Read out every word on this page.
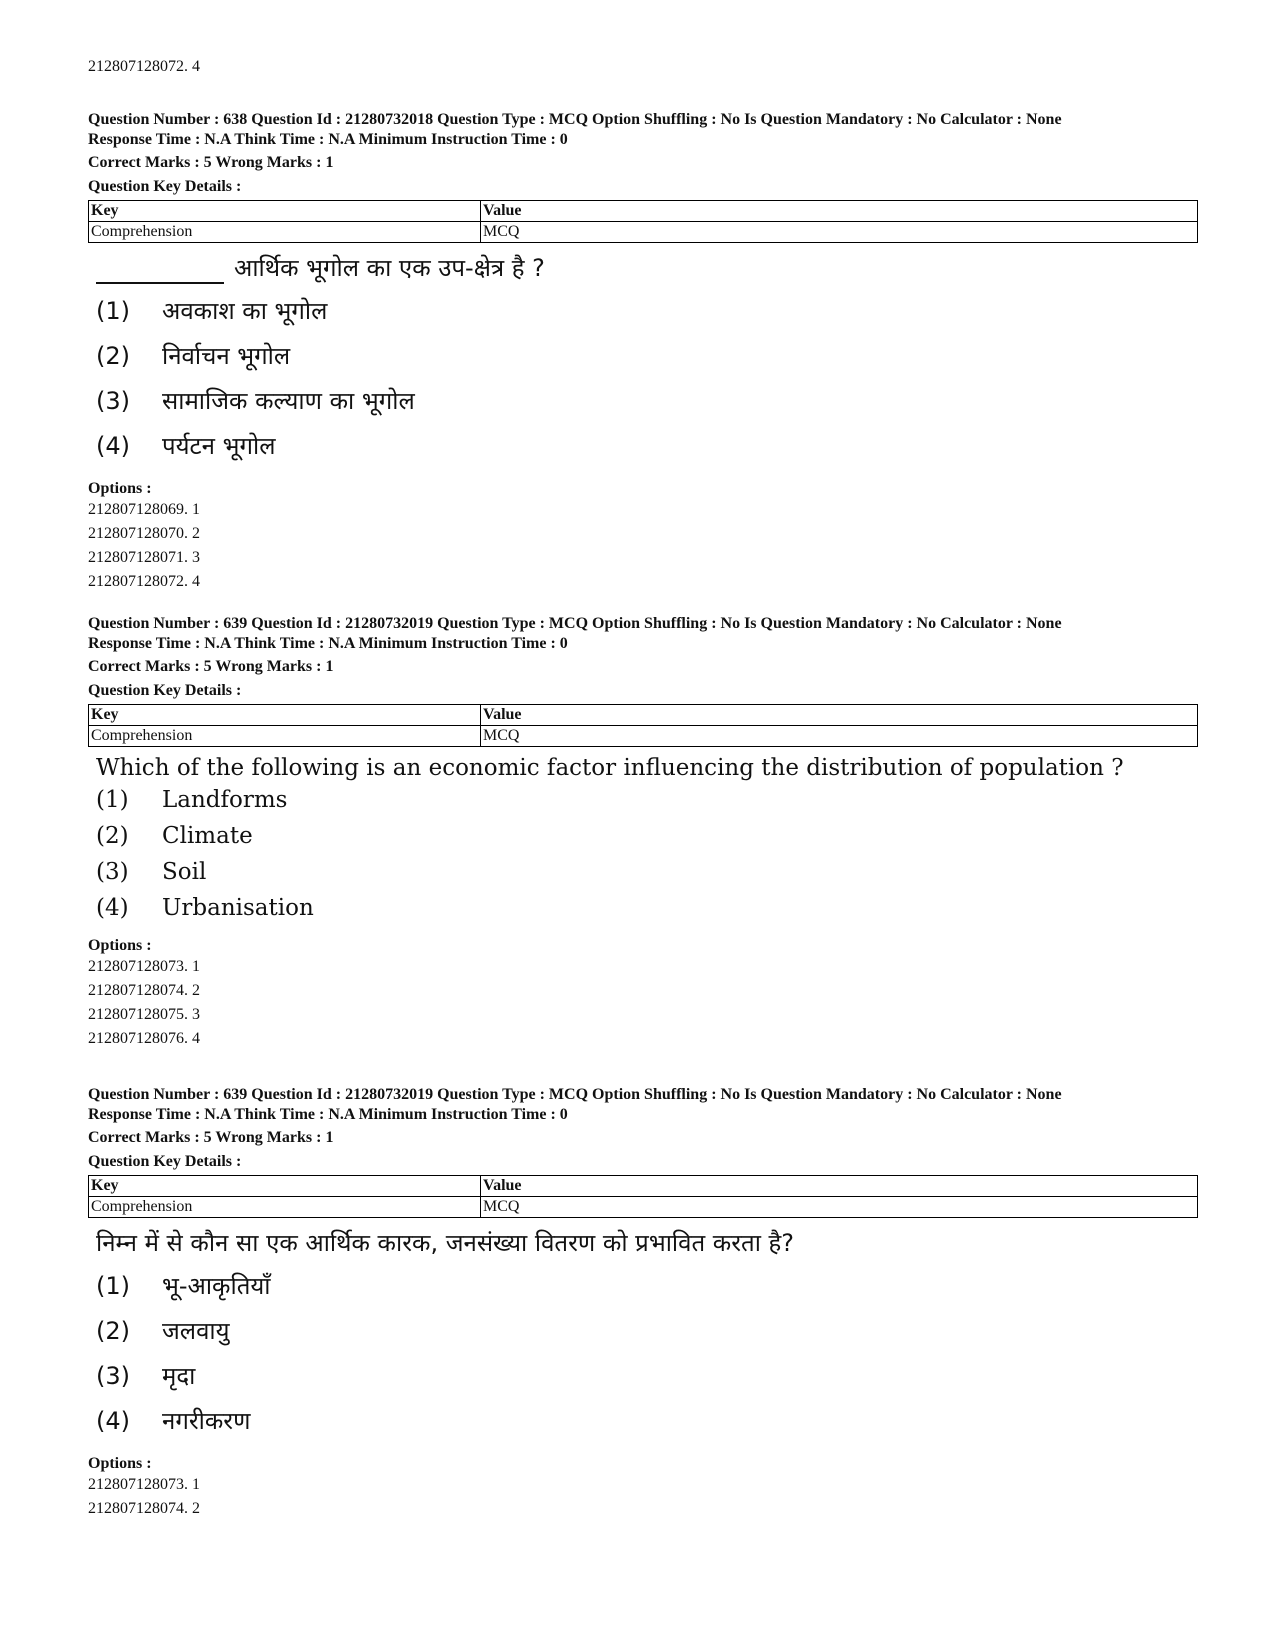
212807128072. 4

Question Number : 638 Question Id : 21280732018 Question Type : MCQ Option Shuffling : No Is Question Mandatory : No Calculator : None

Response Time : N.A Think Time : N.A Minimum Instruction Time : 0

Correct Marks : 5 Wrong Marks : 1

Question Key Details :

Key	Value
Comprehension	MCQ
आर्थिक भूगोल का एक उप-क्षेत्र है ?
(1)	अवकाश का भूगोल
(2)	निर्वाचन भूगोल
(3)	सामाजिक कल्याण का भूगोल
(4)	पर्यटन भूगोल
Options :
212807128069. 1
212807128070. 2
212807128071. 3
212807128072. 4

Question Number : 639 Question Id : 21280732019 Question Type : MCQ Option Shuffling : No Is Question Mandatory : No Calculator : None

Response Time : N.A Think Time : N.A Minimum Instruction Time : 0

Correct Marks : 5 Wrong Marks : 1

Question Key Details :

Key	Value
Comprehension	MCQ
Which of the following is an economic factor influencing the distribution of population ?
(1)	Landforms
(2)	Climate
(3)	Soil
(4)	Urbanisation
Options :
212807128073. 1
212807128074. 2
212807128075. 3
212807128076. 4

Question Number : 639 Question Id : 21280732019 Question Type : MCQ Option Shuffling : No Is Question Mandatory : No Calculator : None

Response Time : N.A Think Time : N.A Minimum Instruction Time : 0

Correct Marks : 5 Wrong Marks : 1

Question Key Details :

Key	Value
Comprehension	MCQ
निम्न में से कौन सा एक आर्थिक कारक, जनसंख्या वितरण को प्रभावित करता है?
(1)	भू-आकृतियाँ
(2)	जलवायु
(3)	मृदा
(4)	नगरीकरण
Options :
212807128073. 1
212807128074. 2
